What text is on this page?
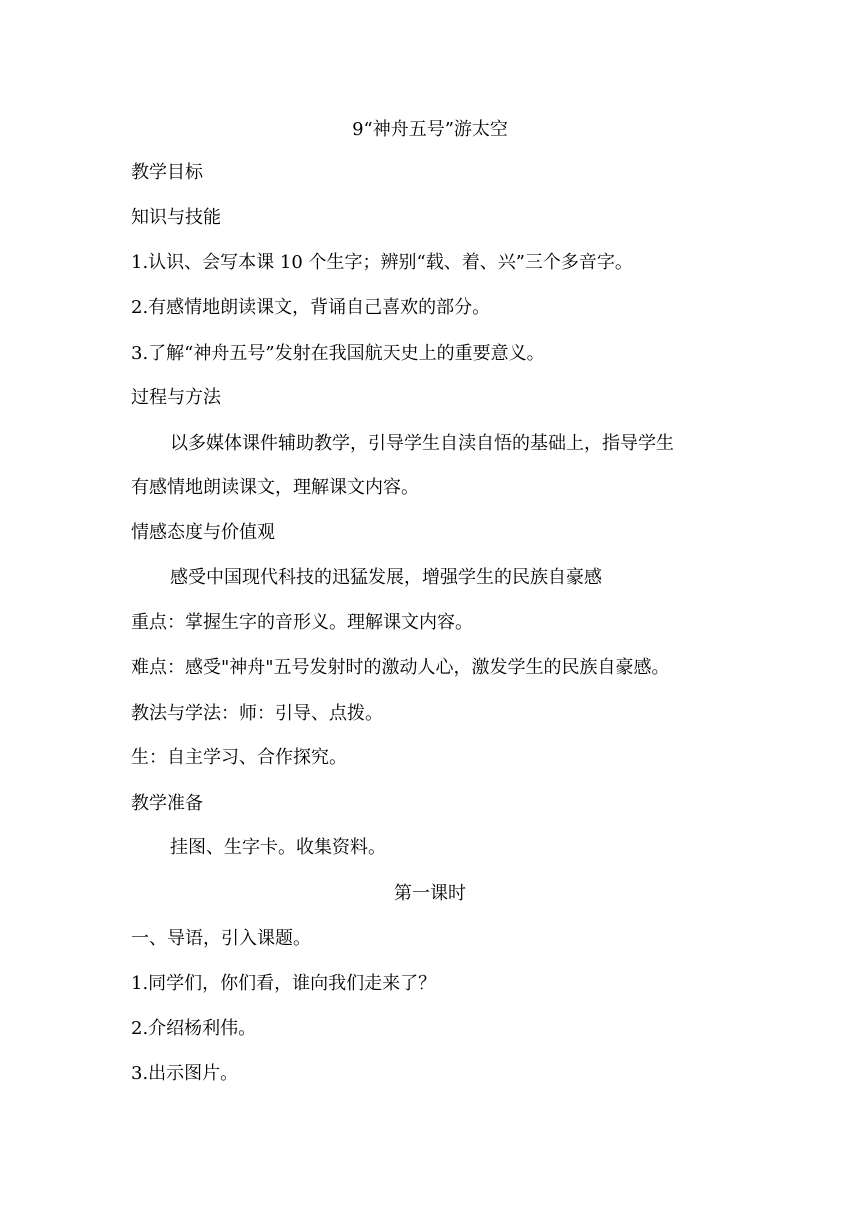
9“神舟五号”游太空
教学目标
知识与技能
1.认识、会写本课 10 个生字；辨别“载、着、兴”三个多音字。
2.有感情地朗读课文，背诵自己喜欢的部分。
3.了解“神舟五号”发射在我国航天史上的重要意义。
过程与方法
以多媒体课件辅助教学，引导学生自渎自悟的基础上，指导学生
有感情地朗读课文，理解课文内容。
情感态度与价值观
感受中国现代科技的迅猛发展，增强学生的民族自豪感
重点：掌握生字的音形义。理解课文内容。
难点：感受"神舟"五号发射时的激动人心，激发学生的民族自豪感。
教法与学法：师：引导、点拨。
生：自主学习、合作探究。
教学准备
挂图、生字卡。收集资料。
第一课时
一、导语，引入课题。
1.同学们，你们看，谁向我们走来了？
2.介绍杨利伟。
3.出示图片。
